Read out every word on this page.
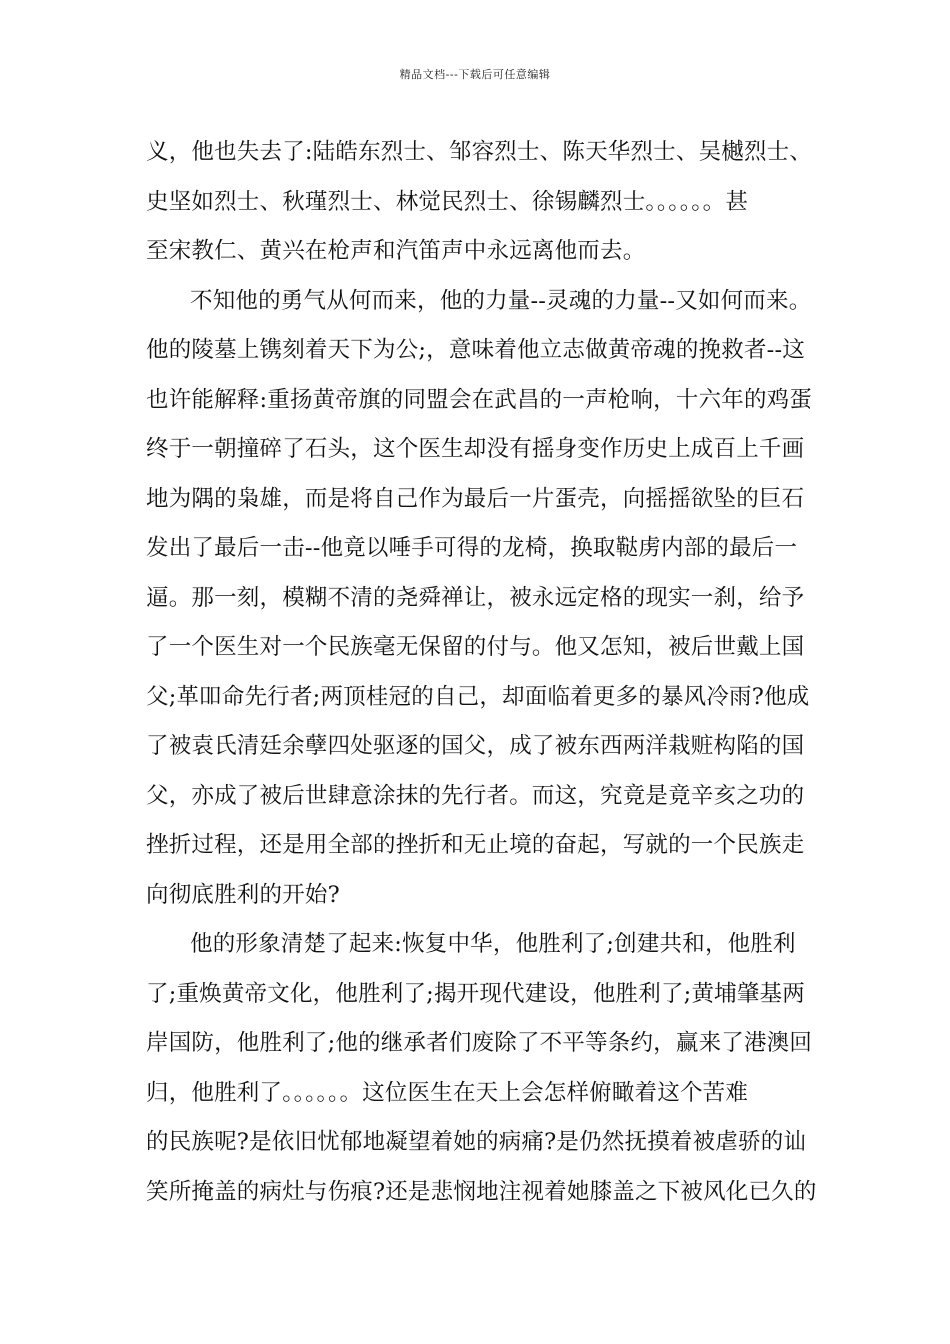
精品文档---下载后可任意编辑
义，他也失去了:陆皓东烈士、邹容烈士、陈天华烈士、吴樾烈士、
史坚如烈士、秋瑾烈士、林觉民烈士、徐锡麟烈士。。。。。。甚
至宋教仁、黄兴在枪声和汽笛声中永远离他而去。
不知他的勇气从何而来，他的力量--灵魂的力量--又如何而来。
他的陵墓上镌刻着天下为公;，意味着他立志做黄帝魂的挽救者--这
也许能解释:重扬黄帝旗的同盟会在武昌的一声枪响，十六年的鸡蛋
终于一朝撞碎了石头，这个医生却没有摇身变作历史上成百上千画
地为隅的枭雄，而是将自己作为最后一片蛋壳，向摇摇欲坠的巨石
发出了最后一击--他竟以唾手可得的龙椅，换取鞑虏内部的最后一
逼。那一刻，模糊不清的尧舜禅让，被永远定格的现实一刹，给予
了一个医生对一个民族毫无保留的付与。他又怎知，被后世戴上国
父;革吅命先行者;两顶桂冠的自己，却面临着更多的暴风冷雨?他成
了被袁氏清廷余孽四处驱逐的国父，成了被东西两洋栽赃构陷的国
父，亦成了被后世肆意涂抹的先行者。而这，究竟是竟辛亥之功的
挫折过程，还是用全部的挫折和无止境的奋起，写就的一个民族走
向彻底胜利的开始?
他的形象清楚了起来:恢复中华，他胜利了;创建共和，他胜利
了;重焕黄帝文化，他胜利了;揭开现代建设，他胜利了;黄埔肇基两
岸国防，他胜利了;他的继承者们废除了不平等条约，赢来了港澳回
归，他胜利了。。。。。。这位医生在天上会怎样俯瞰着这个苦难
的民族呢?是依旧忧郁地凝望着她的病痛?是仍然抚摸着被虐骄的讪
笑所掩盖的病灶与伤痕?还是悲悯地注视着她膝盖之下被风化已久的
